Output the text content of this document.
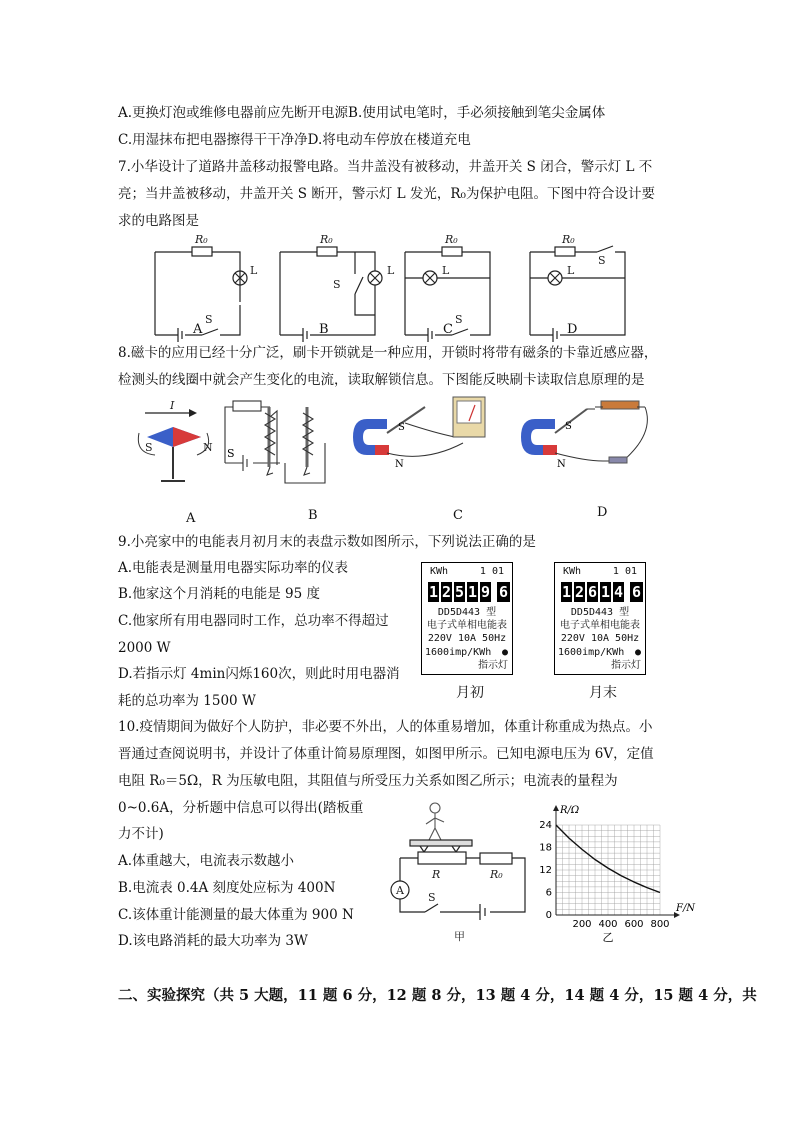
A.更换灯泡或维修电器前应先断开电源B.使用试电笔时，手必须接触到笔尖金属体
C.用湿抹布把电器擦得干干净净D.将电动车停放在楼道充电
7.小华设计了道路井盖移动报警电路。当井盖没有被移动，井盖开关 S 闭合，警示灯 L 不
亮；当井盖被移动，井盖开关 S 断开，警示灯 L 发光，R₀为保护电阻。下图中符合设计要
求的电路图是
R₀
L
S
R₀
L
S
R₀
L
S
R₀
L
S
A	B	C	D
8.磁卡的应用已经十分广泛，刷卡开锁就是一种应用，开锁时将带有磁条的卡靠近感应器，
检测头的线圈中就会产生变化的电流，读取解锁信息。下图能反映刷卡读取信息原理的是
I
S	N S
S
N
S
N
A	B	C	D
9.小亮家中的电能表月初月末的表盘示数如图所示，下列说法正确的是
A.电能表是测量用电器实际功率的仪表
B.他家这个月消耗的电能是 95 度
C.他家所有用电器同时工作，总功率不得超过
2000 W
D.若指示灯 4min闪烁160次，则此时用电器消
耗的总功率为 1500 W
KWh	1 01
1 2 5 1 9 6
DD5D443 型
电子式单相电能表
220V 10A 50Hz
1600imp/KWh	●
指示灯
月初
KWh	1 01
1 2 6 1 4 6
DD5D443 型
电子式单相电能表
220V 10A 50Hz
1600imp/KWh	●
指示灯
月末
10.疫情期间为做好个人防护，非必要不外出，人的体重易增加，体重计称重成为热点。小
晋通过查阅说明书，并设计了体重计简易原理图，如图甲所示。已知电源电压为 6V，定值
电阻 R₀＝5Ω，R 为压敏电阻，其阻值与所受压力关系如图乙所示；电流表的量程为
0~0.6A，分析题中信息可以得出(踏板重
力不计)
A.体重越大，电流表示数越小
B.电流表 0.4A 刻度处应标为 400N
C.该体重计能测量的最大体重为 900 N
D.该电路消耗的最大功率为 3W
A
R	R₀
S
甲
200 400 600 800
0
6
12
18
24
F/N
R/Ω
乙
二、实验探究（共 5 大题，11 题 6 分，12 题 8 分，13 题 4 分，14 题 4 分，15 题 4 分，共
